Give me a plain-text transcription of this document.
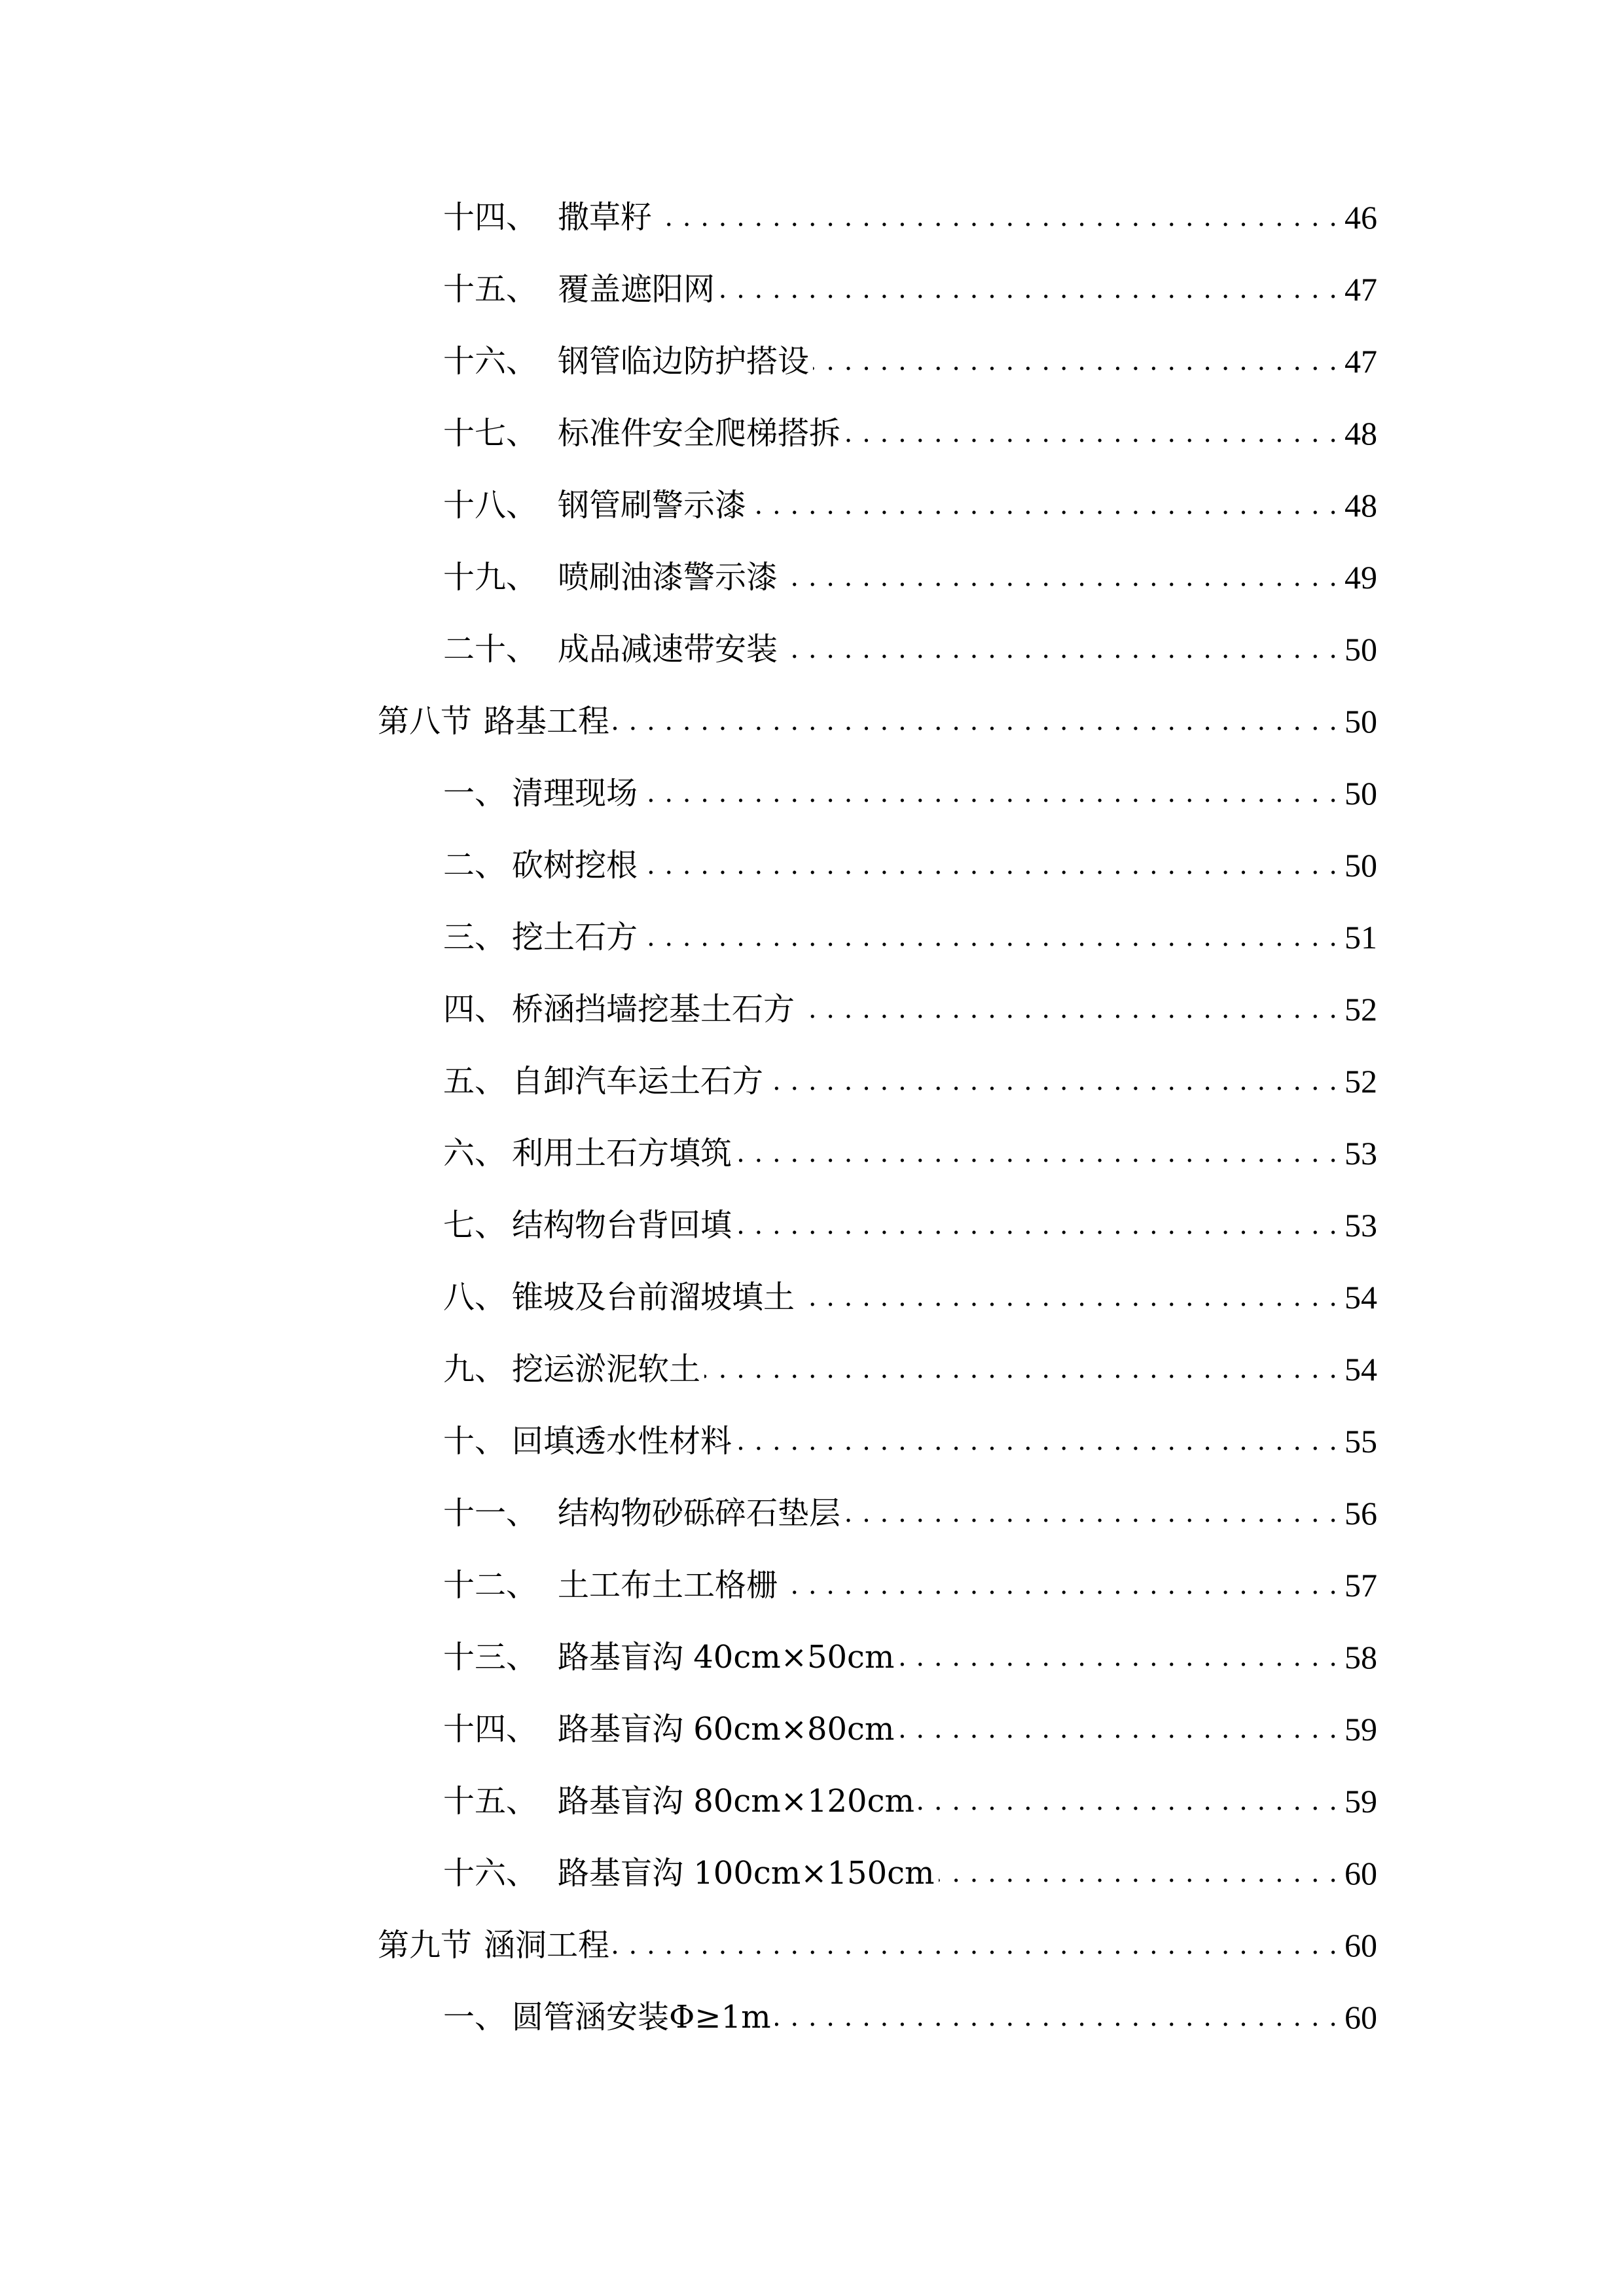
十四、 撒草籽 . . .	46
十五、 覆盖遮阳网 . . .	47
十六、 钢管临边防护搭设 . . .	47
十七、 标准件安全爬梯搭拆 . . .	48
十八、 钢管刷警示漆 . . .	48
十九、 喷刷油漆警示漆 . . .	49
二十、 成品减速带安装 . . .	50
第八节 路基工程 . . .	50
一、 清理现场 . . .	50
二、 砍树挖根 . . .	50
三、 挖土石方 . . .	51
四、 桥涵挡墙挖基土石方 . . .	52
五、 自卸汽车运土石方 . . .	52
六、 利用土石方填筑 . . .	53
七、 结构物台背回填 . . .	53
八、 锥坡及台前溜坡填土 . . .	54
九、 挖运淤泥软土 . . .	54
十、 回填透水性材料 . . .	55
十一、 结构物砂砾碎石垫层 . . .	56
十二、 土工布土工格栅 . . .	57
十三、 路基盲沟 40cm×50cm . . .	58
十四、 路基盲沟 60cm×80cm . . .	59
十五、 路基盲沟 80cm×120cm . . .	59
十六、 路基盲沟 100cm×150cm . . .	60
第九节 涵洞工程 . . .	60
一、 圆管涵安装Φ≥1m . . .	60
